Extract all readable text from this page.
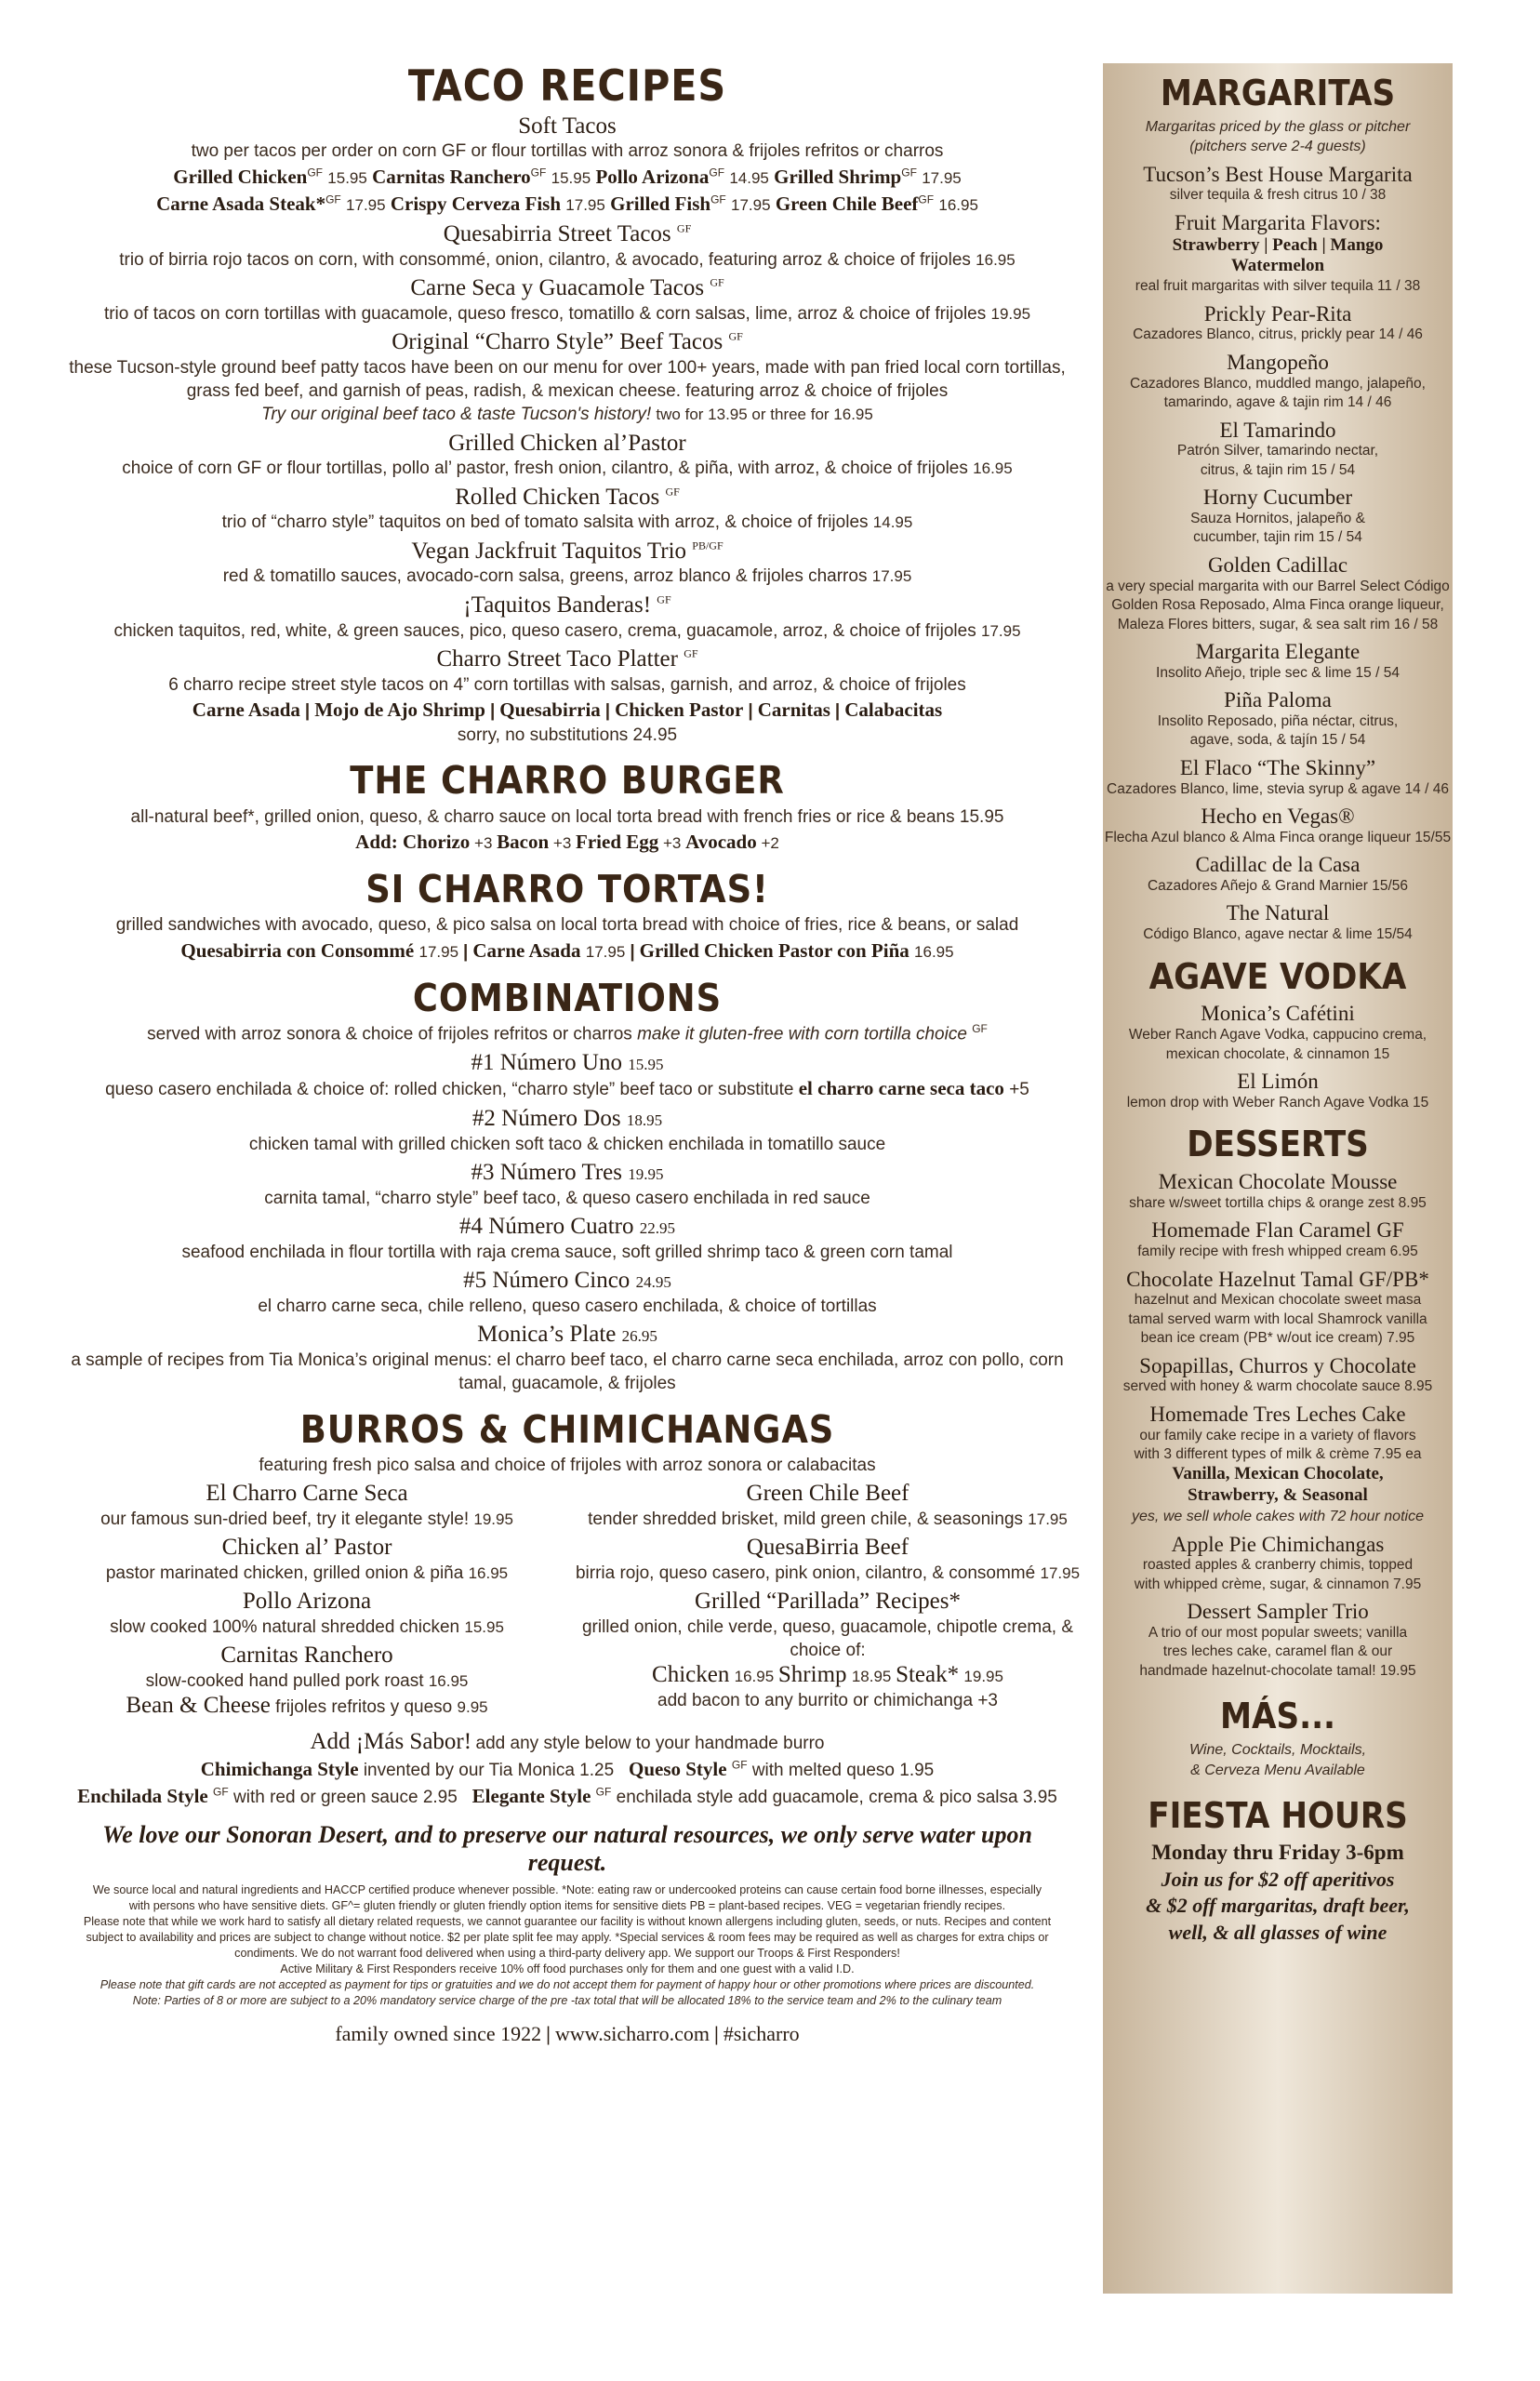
TACO RECIPES
Soft Tacos
two per tacos per order on corn GF or flour tortillas with arroz sonora & frijoles refritos or charros
Grilled Chicken$^{GF}$ 15.95 Carnitas Ranchero$^{GF}$ 15.95 Pollo Arizona$^{GF}$ 14.95 Grilled Shrimp$^{GF}$ 17.95
Carne Asada Steak*$^{GF}$ 17.95 Crispy Cerveza Fish 17.95 Grilled Fish$^{GF}$ 17.95 Green Chile Beef$^{GF}$ 16.95
Quesabirria Street Tacos $^{GF}$
trio of birria rojo tacos on corn, with consommé, onion, cilantro, & avocado, featuring arroz & choice of frijoles 16.95
Carne Seca y Guacamole Tacos $^{GF}$
trio of tacos on corn tortillas with guacamole, queso fresco, tomatillo & corn salsas, lime, arroz & choice of frijoles 19.95
Original “Charro Style” Beef Tacos $^{GF}$
these Tucson-style ground beef patty tacos have been on our menu for over 100+ years, made with pan fried local corn tortillas, grass fed beef, and garnish of peas, radish, & mexican cheese. featuring arroz & choice of frijoles
Try our original beef taco & taste Tucson's history! two for 13.95 or three for 16.95
Grilled Chicken al’Pastor
choice of corn GF or flour tortillas, pollo al’ pastor, fresh onion, cilantro, & piña, with arroz, & choice of frijoles 16.95
Rolled Chicken Tacos $^{GF}$
trio of “charro style” taquitos on bed of tomato salsita with arroz, & choice of frijoles 14.95
Vegan Jackfruit Taquitos Trio $^{PB/GF}$
red & tomatillo sauces, avocado-corn salsa, greens, arroz blanco & frijoles charros 17.95
¡Taquitos Banderas! $^{GF}$
chicken taquitos, red, white, & green sauces, pico, queso casero, crema, guacamole, arroz, & choice of frijoles 17.95
Charro Street Taco Platter $^{GF}$
6 charro recipe street style tacos on 4” corn tortillas with salsas, garnish, and arroz, & choice of frijoles
Carne Asada | Mojo de Ajo Shrimp | Quesabirria | Chicken Pastor | Carnitas | Calabacitas
sorry, no substitutions 24.95
THE CHARRO BURGER
all-natural beef*, grilled onion, queso, & charro sauce on local torta bread with french fries or rice & beans 15.95
Add: Chorizo +3 Bacon +3 Fried Egg +3 Avocado +2
SI CHARRO TORTAS!
grilled sandwiches with avocado, queso, & pico salsa on local torta bread with choice of fries, rice & beans, or salad
Quesabirria con Consommé 17.95 | Carne Asada 17.95 | Grilled Chicken Pastor con Piña 16.95
COMBINATIONS
served with arroz sonora & choice of frijoles refritos or charros make it gluten-free with corn tortilla choice $^{GF}$
#1 Número Uno 15.95
queso casero enchilada & choice of: rolled chicken, “charro style” beef taco or substitute el charro carne seca taco +5
#2 Número Dos 18.95
chicken tamal with grilled chicken soft taco & chicken enchilada in tomatillo sauce
#3 Número Tres 19.95
carnita tamal, “charro style” beef taco, & queso casero enchilada in red sauce
#4 Número Cuatro 22.95
seafood enchilada in flour tortilla with raja crema sauce, soft grilled shrimp taco & green corn tamal
#5 Número Cinco 24.95
el charro carne seca, chile relleno, queso casero enchilada, & choice of tortillas
Monica’s Plate 26.95
a sample of recipes from Tia Monica’s original menus: el charro beef taco, el charro carne seca enchilada, arroz con pollo, corn tamal, guacamole, & frijoles
BURROS & CHIMICHANGAS
featuring fresh pico salsa and choice of frijoles with arroz sonora or calabacitas
El Charro Carne Seca
our famous sun-dried beef, try it elegante style! 19.95
Chicken al’ Pastor
pastor marinated chicken, grilled onion & piña 16.95
Pollo Arizona
slow cooked 100% natural shredded chicken 15.95
Carnitas Ranchero
slow-cooked hand pulled pork roast 16.95
Bean & Cheese frijoles refritos y queso 9.95
Green Chile Beef
tender shredded brisket, mild green chile, & seasonings 17.95
QuesaBirria Beef
birria rojo, queso casero, pink onion, cilantro, & consommé 17.95
Grilled “Parillada” Recipes*
grilled onion, chile verde, queso, guacamole, chipotle crema, & choice of:
Chicken 16.95 Shrimp 18.95 Steak* 19.95
add bacon to any burrito or chimichanga +3
Add ¡Más Sabor! add any style below to your handmade burro
Chimichanga Style invented by our Tia Monica 1.25 Queso Style $^{GF}$ with melted queso 1.95
Enchilada Style $^{GF}$ with red or green sauce 2.95 Elegante Style $^{GF}$ enchilada style add guacamole, crema & pico salsa 3.95
We love our Sonoran Desert, and to preserve our natural resources, we only serve water upon request.
We source local and natural ingredients and HACCP certified produce whenever possible. *Note: eating raw or undercooked proteins can cause certain food borne illnesses, especially
with persons who have sensitive diets. GF^= gluten friendly or gluten friendly option items for sensitive diets PB = plant-based recipes. VEG = vegetarian friendly recipes.
Please note that while we work hard to satisfy all dietary related requests, we cannot guarantee our facility is without known allergens including gluten, seeds, or nuts. Recipes and content
subject to availability and prices are subject to change without notice. $2 per plate split fee may apply. *Special services & room fees may be required as well as charges for extra chips or
condiments. We do not warrant food delivered when using a third-party delivery app. We support our Troops & First Responders!
Active Military & First Responders receive 10% off food purchases only for them and one guest with a valid I.D.
Please note that gift cards are not accepted as payment for tips or gratuities and we do not accept them for payment of happy hour or other promotions where prices are discounted.
Note: Parties of 8 or more are subject to a 20% mandatory service charge of the pre -tax total that will be allocated 18% to the service team and 2% to the culinary team
family owned since 1922 | www.sicharro.com | #sicharro
MARGARITAS
Margaritas priced by the glass or pitcher
(pitchers serve 2-4 guests)
Tucson’s Best House Margarita
silver tequila & fresh citrus 10 / 38
Fruit Margarita Flavors:
Strawberry | Peach | Mango
Watermelon
real fruit margaritas with silver tequila 11 / 38
Prickly Pear-Rita
Cazadores Blanco, citrus, prickly pear 14 / 46
Mangopeño
Cazadores Blanco, muddled mango, jalapeño,
tamarindo, agave & tajin rim 14 / 46
El Tamarindo
Patrón Silver, tamarindo nectar,
citrus, & tajin rim 15 / 54
Horny Cucumber
Sauza Hornitos, jalapeño &
cucumber, tajin rim 15 / 54
Golden Cadillac
a very special margarita with our Barrel Select Código
Golden Rosa Reposado, Alma Finca orange liqueur,
Maleza Flores bitters, sugar, & sea salt rim 16 / 58
Margarita Elegante
Insolito Añejo, triple sec & lime 15 / 54
Piña Paloma
Insolito Reposado, piña néctar, citrus,
agave, soda, & tajín 15 / 54
El Flaco “The Skinny”
Cazadores Blanco, lime, stevia syrup & agave 14 / 46
Hecho en Vegas®
Flecha Azul blanco & Alma Finca orange liqueur 15/55
Cadillac de la Casa
Cazadores Añejo & Grand Marnier 15/56
The Natural
Código Blanco, agave nectar & lime 15/54
AGAVE VODKA
Monica’s Cafétini
Weber Ranch Agave Vodka, cappucino crema,
mexican chocolate, & cinnamon 15
El Limón
lemon drop with Weber Ranch Agave Vodka 15
DESSERTS
Mexican Chocolate Mousse
share w/sweet tortilla chips & orange zest 8.95
Homemade Flan Caramel GF
family recipe with fresh whipped cream 6.95
Chocolate Hazelnut Tamal GF/PB*
hazelnut and Mexican chocolate sweet masa
tamal served warm with local Shamrock vanilla
bean ice cream (PB* w/out ice cream) 7.95
Sopapillas, Churros y Chocolate
served with honey & warm chocolate sauce 8.95
Homemade Tres Leches Cake
our family cake recipe in a variety of flavors
with 3 different types of milk & crème 7.95 ea
Vanilla, Mexican Chocolate,
Strawberry, & Seasonal
yes, we sell whole cakes with 72 hour notice
Apple Pie Chimichangas
roasted apples & cranberry chimis, topped
with whipped crème, sugar, & cinnamon 7.95
Dessert Sampler Trio
A trio of our most popular sweets; vanilla
tres leches cake, caramel flan & our
handmade hazelnut-chocolate tamal! 19.95
MÁS...
Wine, Cocktails, Mocktails,
& Cerveza Menu Available
FIESTA HOURS
Monday thru Friday 3-6pm
Join us for $2 off aperitivos
& $2 off margaritas, draft beer,
well, & all glasses of wine
